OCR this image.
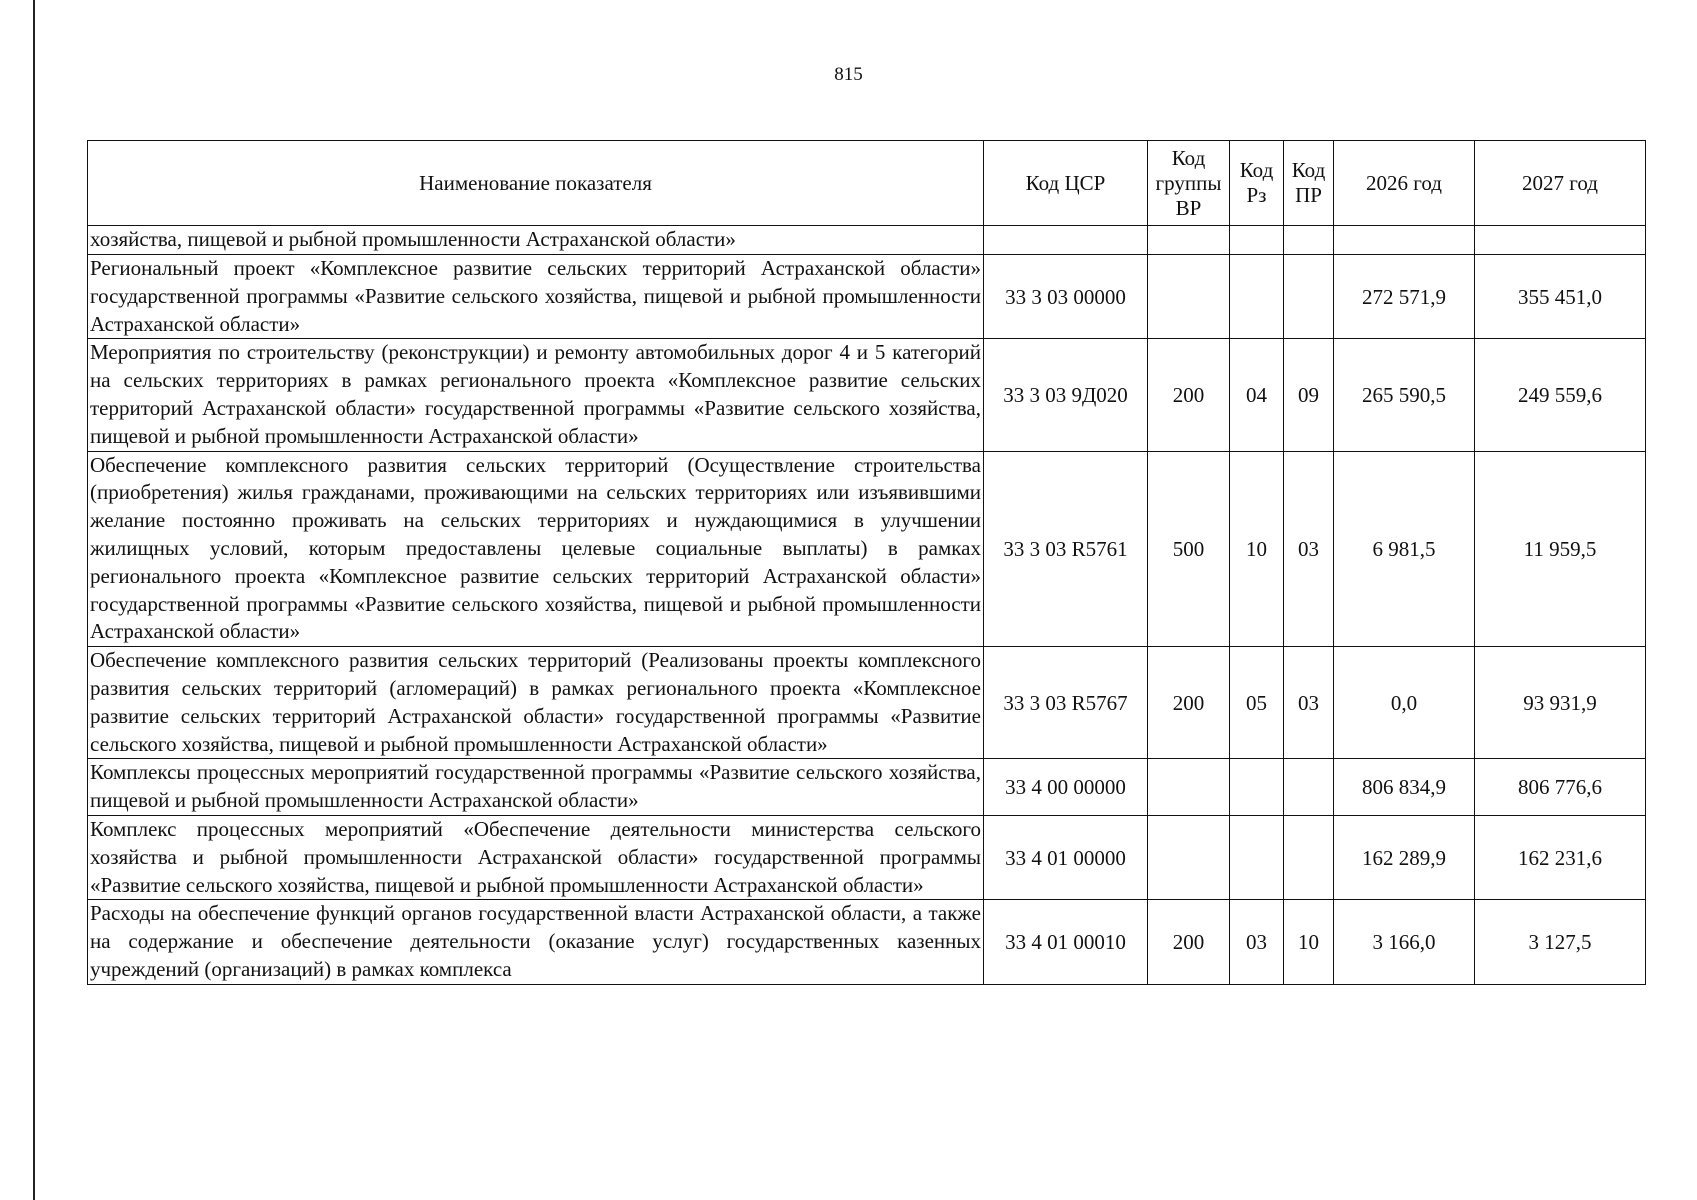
815
Наименование показателя	Код ЦСР	Код группы ВР	Код Рз	Код ПР	2026 год	2027 год
хозяйства, пищевой и рыбной промышленности Астраханской области»						
Региональный проект «Комплексное развитие сельских территорий Астраханской области» государственной программы «Развитие сельского хозяйства, пищевой и рыбной промышленности Астраханской области»	33 3 03 00000				272 571,9	355 451,0
Мероприятия по строительству (реконструкции) и ремонту автомобильных дорог 4 и 5 категорий на сельских территориях в рамках регионального проекта «Комплексное развитие сельских территорий Астраханской области» государственной программы «Развитие сельского хозяйства, пищевой и рыбной промышленности Астраханской области»	33 3 03 9Д020	200	04	09	265 590,5	249 559,6
Обеспечение комплексного развития сельских территорий (Осуществление строительства (приобретения) жилья гражданами, проживающими на сельских территориях или изъявившими желание постоянно проживать на сельских территориях и нуждающимися в улучшении жилищных условий, которым предоставлены целевые социальные выплаты) в рамках регионального проекта «Комплексное развитие сельских территорий Астраханской области» государственной программы «Развитие сельского хозяйства, пищевой и рыбной промышленности Астраханской области»	33 3 03 R5761	500	10	03	6 981,5	11 959,5
Обеспечение комплексного развития сельских территорий (Реализованы проекты комплексного развития сельских территорий (агломераций) в рамках регионального проекта «Комплексное развитие сельских территорий Астраханской области» государственной программы «Развитие сельского хозяйства, пищевой и рыбной промышленности Астраханской области»	33 3 03 R5767	200	05	03	0,0	93 931,9
Комплексы процессных мероприятий государственной программы «Развитие сельского хозяйства, пищевой и рыбной промышленности Астраханской области»	33 4 00 00000				806 834,9	806 776,6
Комплекс процессных мероприятий «Обеспечение деятельности министерства сельского хозяйства и рыбной промышленности Астраханской области» государственной программы «Развитие сельского хозяйства, пищевой и рыбной промышленности Астраханской области»	33 4 01 00000				162 289,9	162 231,6
Расходы на обеспечение функций органов государственной власти Астраханской области, а также на содержание и обеспечение деятельности (оказание услуг) государственных казенных учреждений (организаций) в рамках комплекса	33 4 01 00010	200	03	10	3 166,0	3 127,5
